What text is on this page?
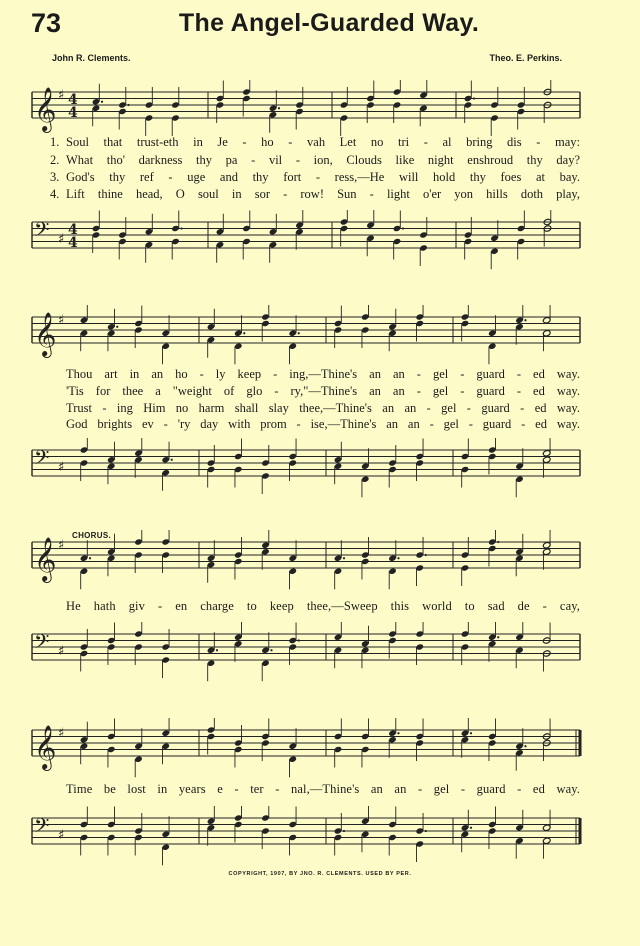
73	The Angel-Guarded Way.
John R. Clements.	Theo. E. Perkins.
𝄞 ♯ 4
4
1. Soul that trust-eth in Je - ho - vah Let no tri - al bring dis - may:
2. What tho' darkness thy pa - vil - ion, Clouds like night enshroud thy day?
3. God's thy ref - uge and thy fort - ress,—He will hold thy foes at bay.
4. Lift thine head, O soul in sor - row! Sun - light o'er yon hills doth play,
𝄢 ♯
4
4
𝄞 ♯
Thou art in an ho - ly keep - ing,—Thine's an an - gel - guard - ed way.
'Tis for thee a "weight of glo - ry,"—Thine's an an - gel - guard - ed way.
Trust - ing Him no harm shall slay thee,—Thine's an an - gel - guard - ed way.
God brights ev - 'ry day with prom - ise,—Thine's an an - gel - guard - ed way.
𝄢 ♯
CHORUS.
𝄞 ♯
He hath giv - en charge to keep thee,—Sweep this world to sad de - cay,
𝄢 ♯
𝄞 ♯
Time be lost in years e - ter - nal,—Thine's an an - gel - guard - ed way.
𝄢 ♯
COPYRIGHT, 1907, BY JNO. R. CLEMENTS. USED BY PER.
